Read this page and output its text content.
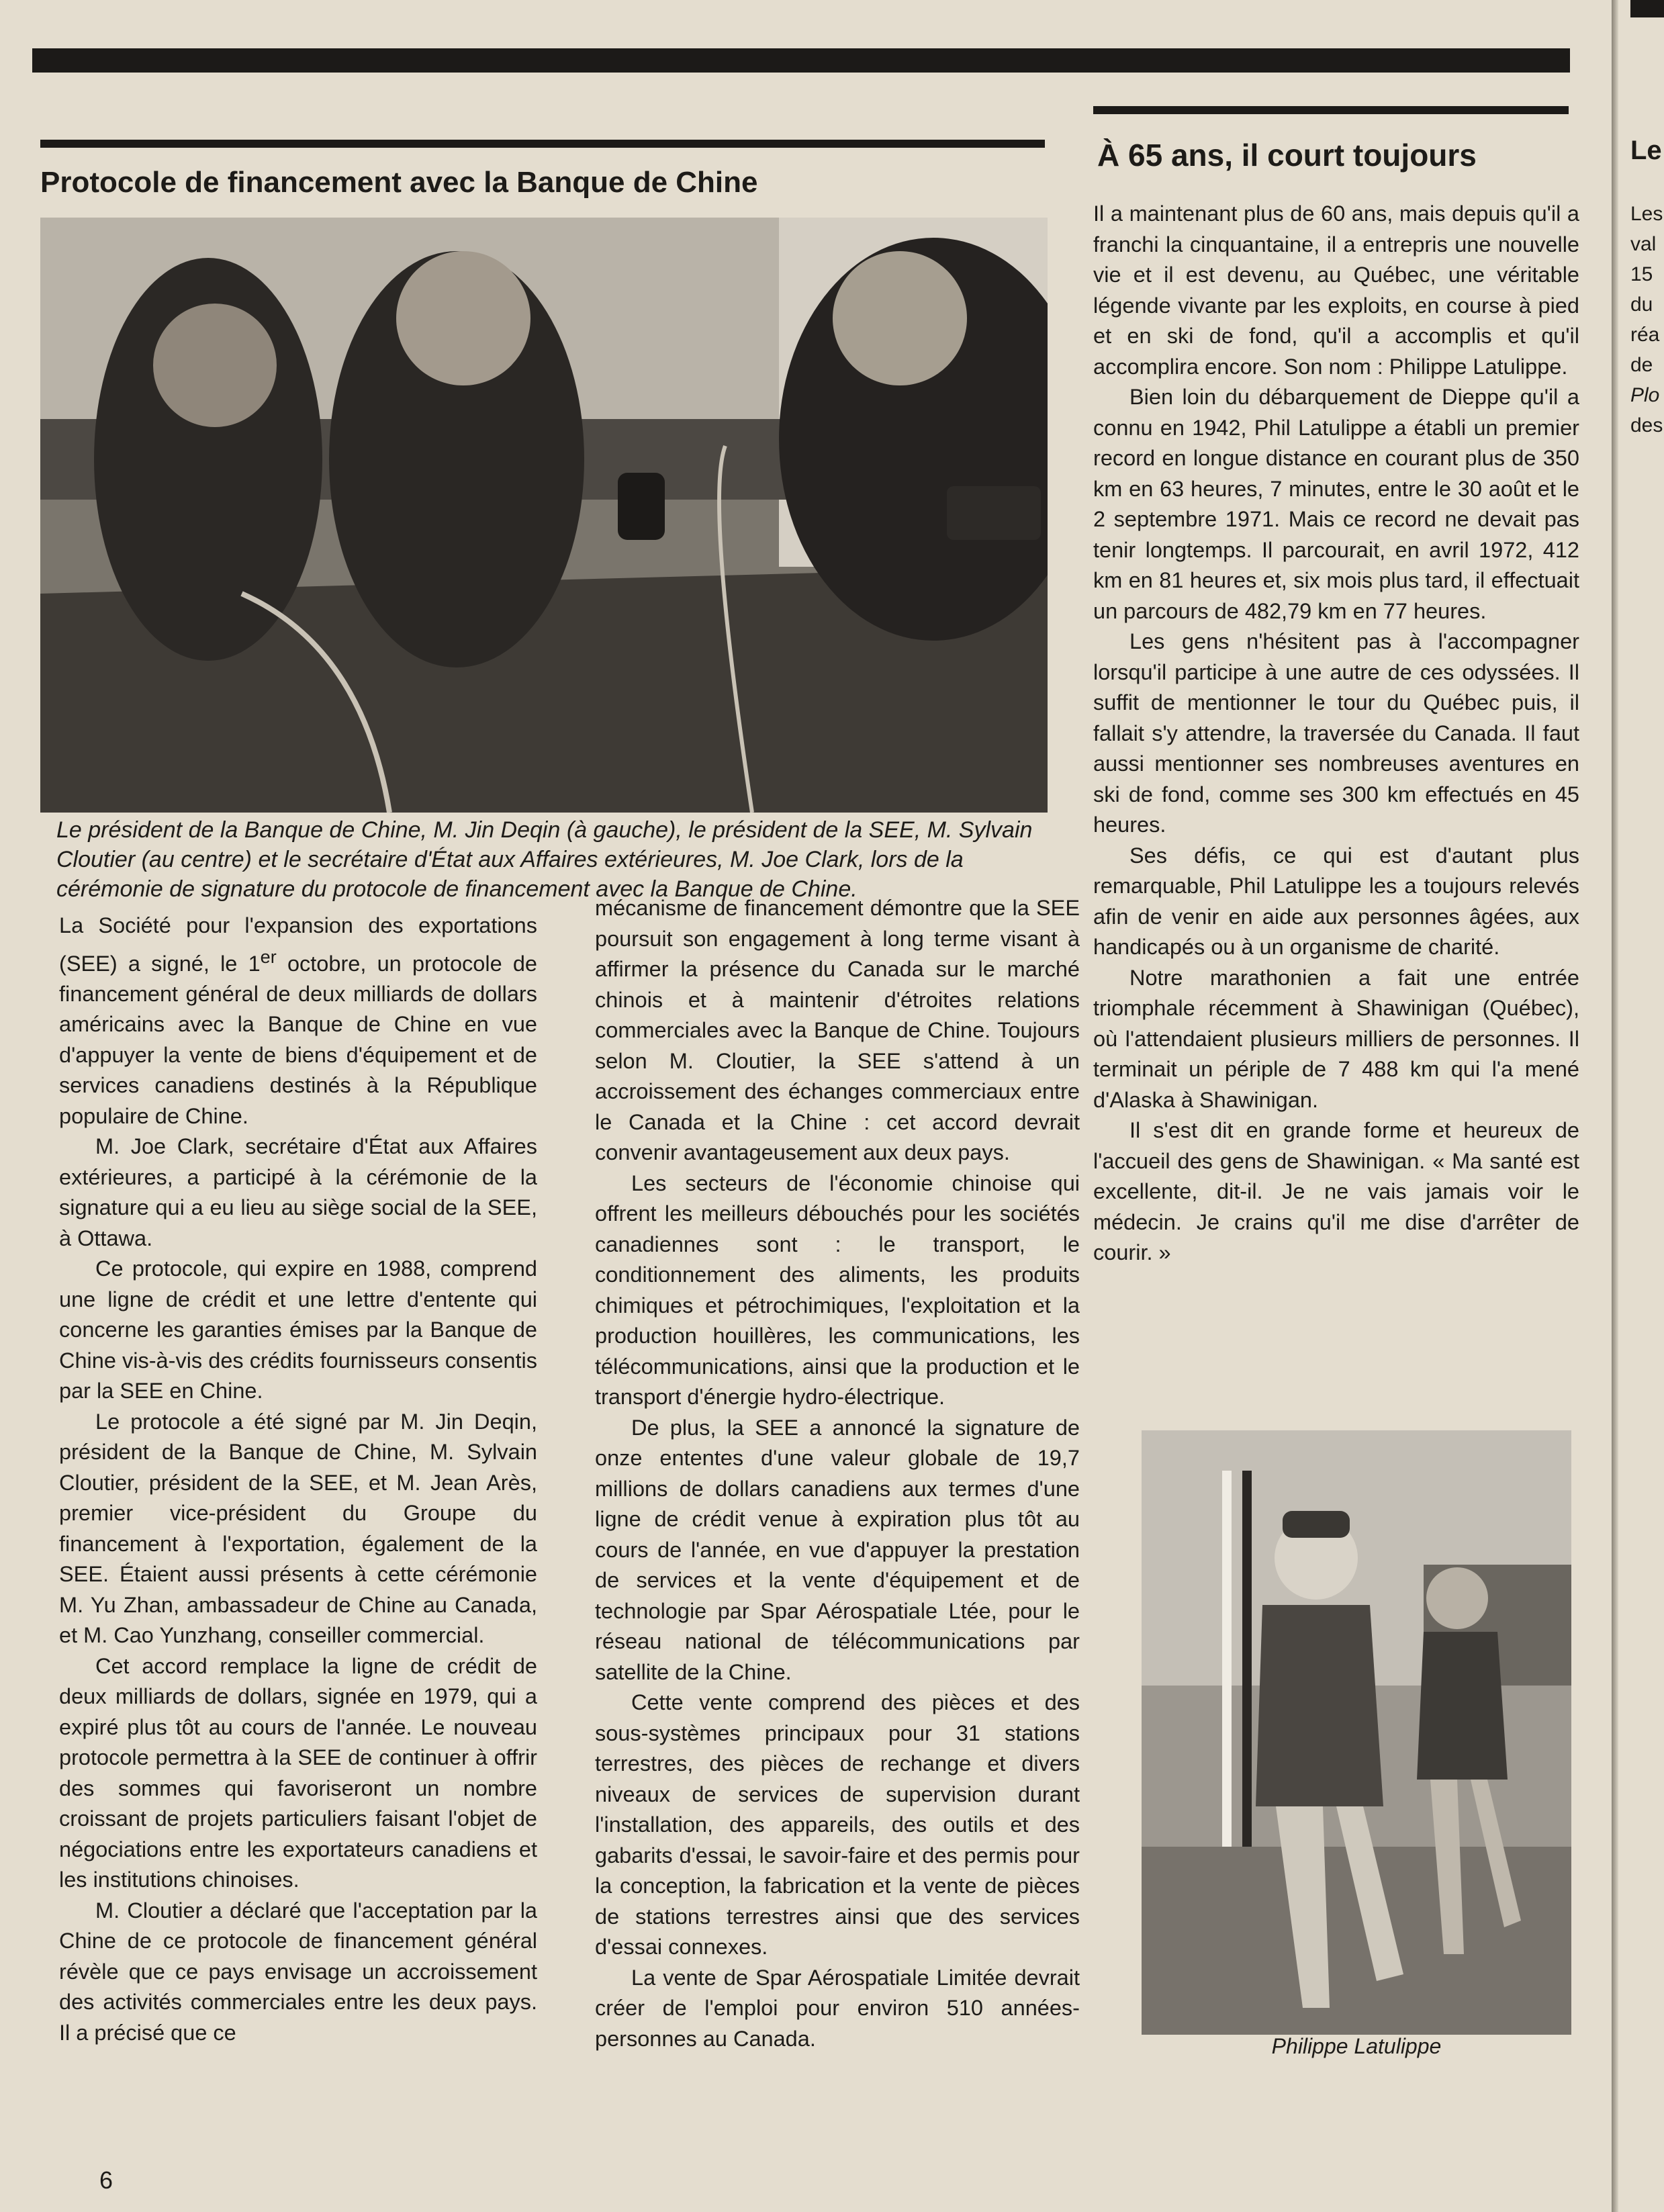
Protocole de financement avec la Banque de Chine
Le président de la Banque de Chine, M. Jin Deqin (à gauche), le président de la SEE, M. Sylvain Cloutier (au centre) et le secrétaire d'État aux Affaires extérieures, M. Joe Clark, lors de la cérémonie de signature du protocole de financement avec la Banque de Chine.

La Société pour l'expansion des exportations (SEE) a signé, le 1er octobre, un protocole de financement général de deux milliards de dollars américains avec la Banque de Chine en vue d'appuyer la vente de biens d'équipement et de services canadiens destinés à la République populaire de Chine.

M. Joe Clark, secrétaire d'État aux Affaires extérieures, a participé à la cérémonie de la signature qui a eu lieu au siège social de la SEE, à Ottawa.

Ce protocole, qui expire en 1988, comprend une ligne de crédit et une lettre d'entente qui concerne les garanties émises par la Banque de Chine vis-à-vis des crédits fournisseurs consentis par la SEE en Chine.

Le protocole a été signé par M. Jin Deqin, président de la Banque de Chine, M. Sylvain Cloutier, président de la SEE, et M. Jean Arès, premier vice-président du Groupe du financement à l'exportation, également de la SEE. Étaient aussi présents à cette cérémonie M. Yu Zhan, ambassadeur de Chine au Canada, et M. Cao Yunzhang, conseiller commercial.

Cet accord remplace la ligne de crédit de deux milliards de dollars, signée en 1979, qui a expiré plus tôt au cours de l'année. Le nouveau protocole permettra à la SEE de continuer à offrir des sommes qui favoriseront un nombre croissant de projets particuliers faisant l'objet de négociations entre les exportateurs canadiens et les institutions chinoises.

M. Cloutier a déclaré que l'acceptation par la Chine de ce protocole de financement général révèle que ce pays envisage un accroissement des activités commerciales entre les deux pays. Il a précisé que ce

mécanisme de financement démontre que la SEE poursuit son engagement à long terme visant à affirmer la présence du Canada sur le marché chinois et à maintenir d'étroites relations commerciales avec la Banque de Chine. Toujours selon M. Cloutier, la SEE s'attend à un accroissement des échanges commerciaux entre le Canada et la Chine : cet accord devrait convenir avantageusement aux deux pays.

Les secteurs de l'économie chinoise qui offrent les meilleurs débouchés pour les sociétés canadiennes sont : le transport, le conditionnement des aliments, les produits chimiques et pétrochimiques, l'exploitation et la production houillères, les communications, les télécommunications, ainsi que la production et le transport d'énergie hydro-électrique.

De plus, la SEE a annoncé la signature de onze ententes d'une valeur globale de 19,7 millions de dollars canadiens aux termes d'une ligne de crédit venue à expiration plus tôt au cours de l'année, en vue d'appuyer la prestation de services et la vente d'équipement et de technologie par Spar Aérospatiale Ltée, pour le réseau national de télécommunications par satellite de la Chine.

Cette vente comprend des pièces et des sous-systèmes principaux pour 31 stations terrestres, des pièces de rechange et divers niveaux de services de supervision durant l'installation, des appareils, des outils et des gabarits d'essai, le savoir-faire et des permis pour la conception, la fabrication et la vente de pièces de stations terrestres ainsi que des services d'essai connexes.

La vente de Spar Aérospatiale Limitée devrait créer de l'emploi pour environ 510 années-personnes au Canada.

À 65 ans, il court toujours

Il a maintenant plus de 60 ans, mais depuis qu'il a franchi la cinquantaine, il a entrepris une nouvelle vie et il est devenu, au Québec, une véritable légende vivante par les exploits, en course à pied et en ski de fond, qu'il a accomplis et qu'il accomplira encore. Son nom : Philippe Latulippe.

Bien loin du débarquement de Dieppe qu'il a connu en 1942, Phil Latulippe a établi un premier record en longue distance en courant plus de 350 km en 63 heures, 7 minutes, entre le 30 août et le 2 septembre 1971. Mais ce record ne devait pas tenir longtemps. Il parcourait, en avril 1972, 412 km en 81 heures et, six mois plus tard, il effectuait un parcours de 482,79 km en 77 heures.

Les gens n'hésitent pas à l'accompagner lorsqu'il participe à une autre de ces odyssées. Il suffit de mentionner le tour du Québec puis, il fallait s'y attendre, la traversée du Canada. Il faut aussi mentionner ses nombreuses aventures en ski de fond, comme ses 300 km effectués en 45 heures.

Ses défis, ce qui est d'autant plus remarquable, Phil Latulippe les a toujours relevés afin de venir en aide aux personnes âgées, aux handicapés ou à un organisme de charité.

Notre marathonien a fait une entrée triomphale récemment à Shawinigan (Québec), où l'attendaient plusieurs milliers de personnes. Il terminait un périple de 7 488 km qui l'a mené d'Alaska à Shawinigan.

Il s'est dit en grande forme et heureux de l'accueil des gens de Shawinigan. « Ma santé est excellente, dit-il. Je ne vais jamais voir le médecin. Je crains qu'il me dise d'arrêter de courir. »

Philippe Latulippe
6
Le
Les
val
15
du
réa
de
Plo
des
